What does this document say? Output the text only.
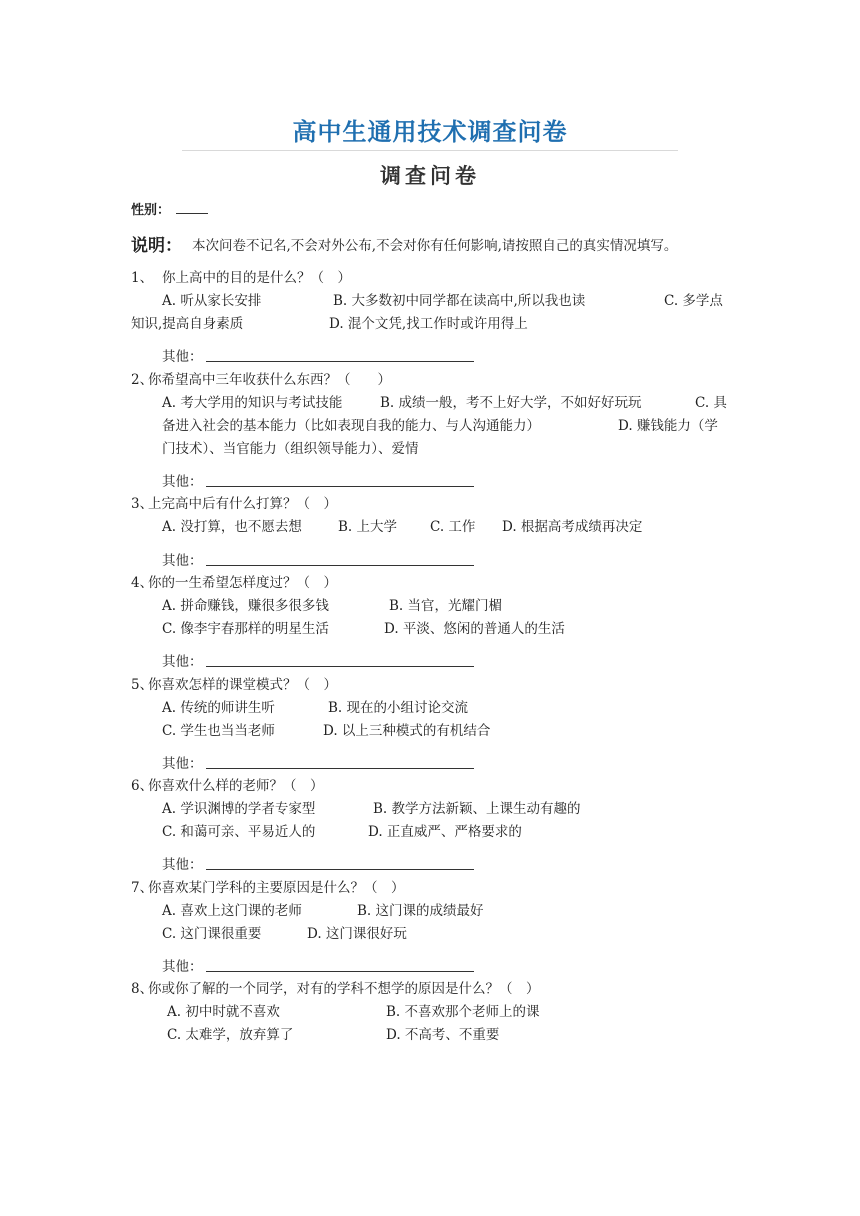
高中生通用技术调查问卷
调查问卷
性别：
说明： 本次问卷不记名,不会对外公布,不会对你有任何影响,请按照自己的真实情况填写。
1、 你上高中的目的是什么？（　）
A. 听从家长安排	B. 大多数初中同学都在读高中,所以我也读	C. 多学点
知识,提高自身素质	D. 混个文凭,找工作时或许用得上
其他：
2、
你希望高中三年收获什么东西？（　　）
A. 考大学用的知识与考试技能	B. 成绩一般，考不上好大学，不如好好玩玩	C. 具
备进入社会的基本能力（比如表现自我的能力、与人沟通能力）	D. 赚钱能力（学
门技术）、当官能力（组织领导能力）、爱情
其他：
3、
上完高中后有什么打算？（　）
A. 没打算，也不愿去想	B. 上大学 C. 工作 D. 根据高考成绩再决定
其他：
4、
你的一生希望怎样度过？（　）
A. 拼命赚钱，赚很多很多钱	B. 当官，光耀门楣
C. 像李宇春那样的明星生活	D. 平淡、悠闲的普通人的生活
其他：
5、
你喜欢怎样的课堂模式？（　）
A. 传统的师讲生听	B. 现在的小组讨论交流
C. 学生也当当老师	D. 以上三种模式的有机结合
其他：
6、
你喜欢什么样的老师？（　）
A. 学识渊博的学者专家型	B. 教学方法新颖、上课生动有趣的
C. 和蔼可亲、平易近人的	D. 正直威严、严格要求的
其他：
7、
你喜欢某门学科的主要原因是什么？（　）
A. 喜欢上这门课的老师	B. 这门课的成绩最好
C. 这门课很重要	D. 这门课很好玩
其他：
8、
你或你了解的一个同学，对有的学科不想学的原因是什么？（　）
A. 初中时就不喜欢	B. 不喜欢那个老师上的课
C. 太难学，放弃算了	D. 不高考、不重要
